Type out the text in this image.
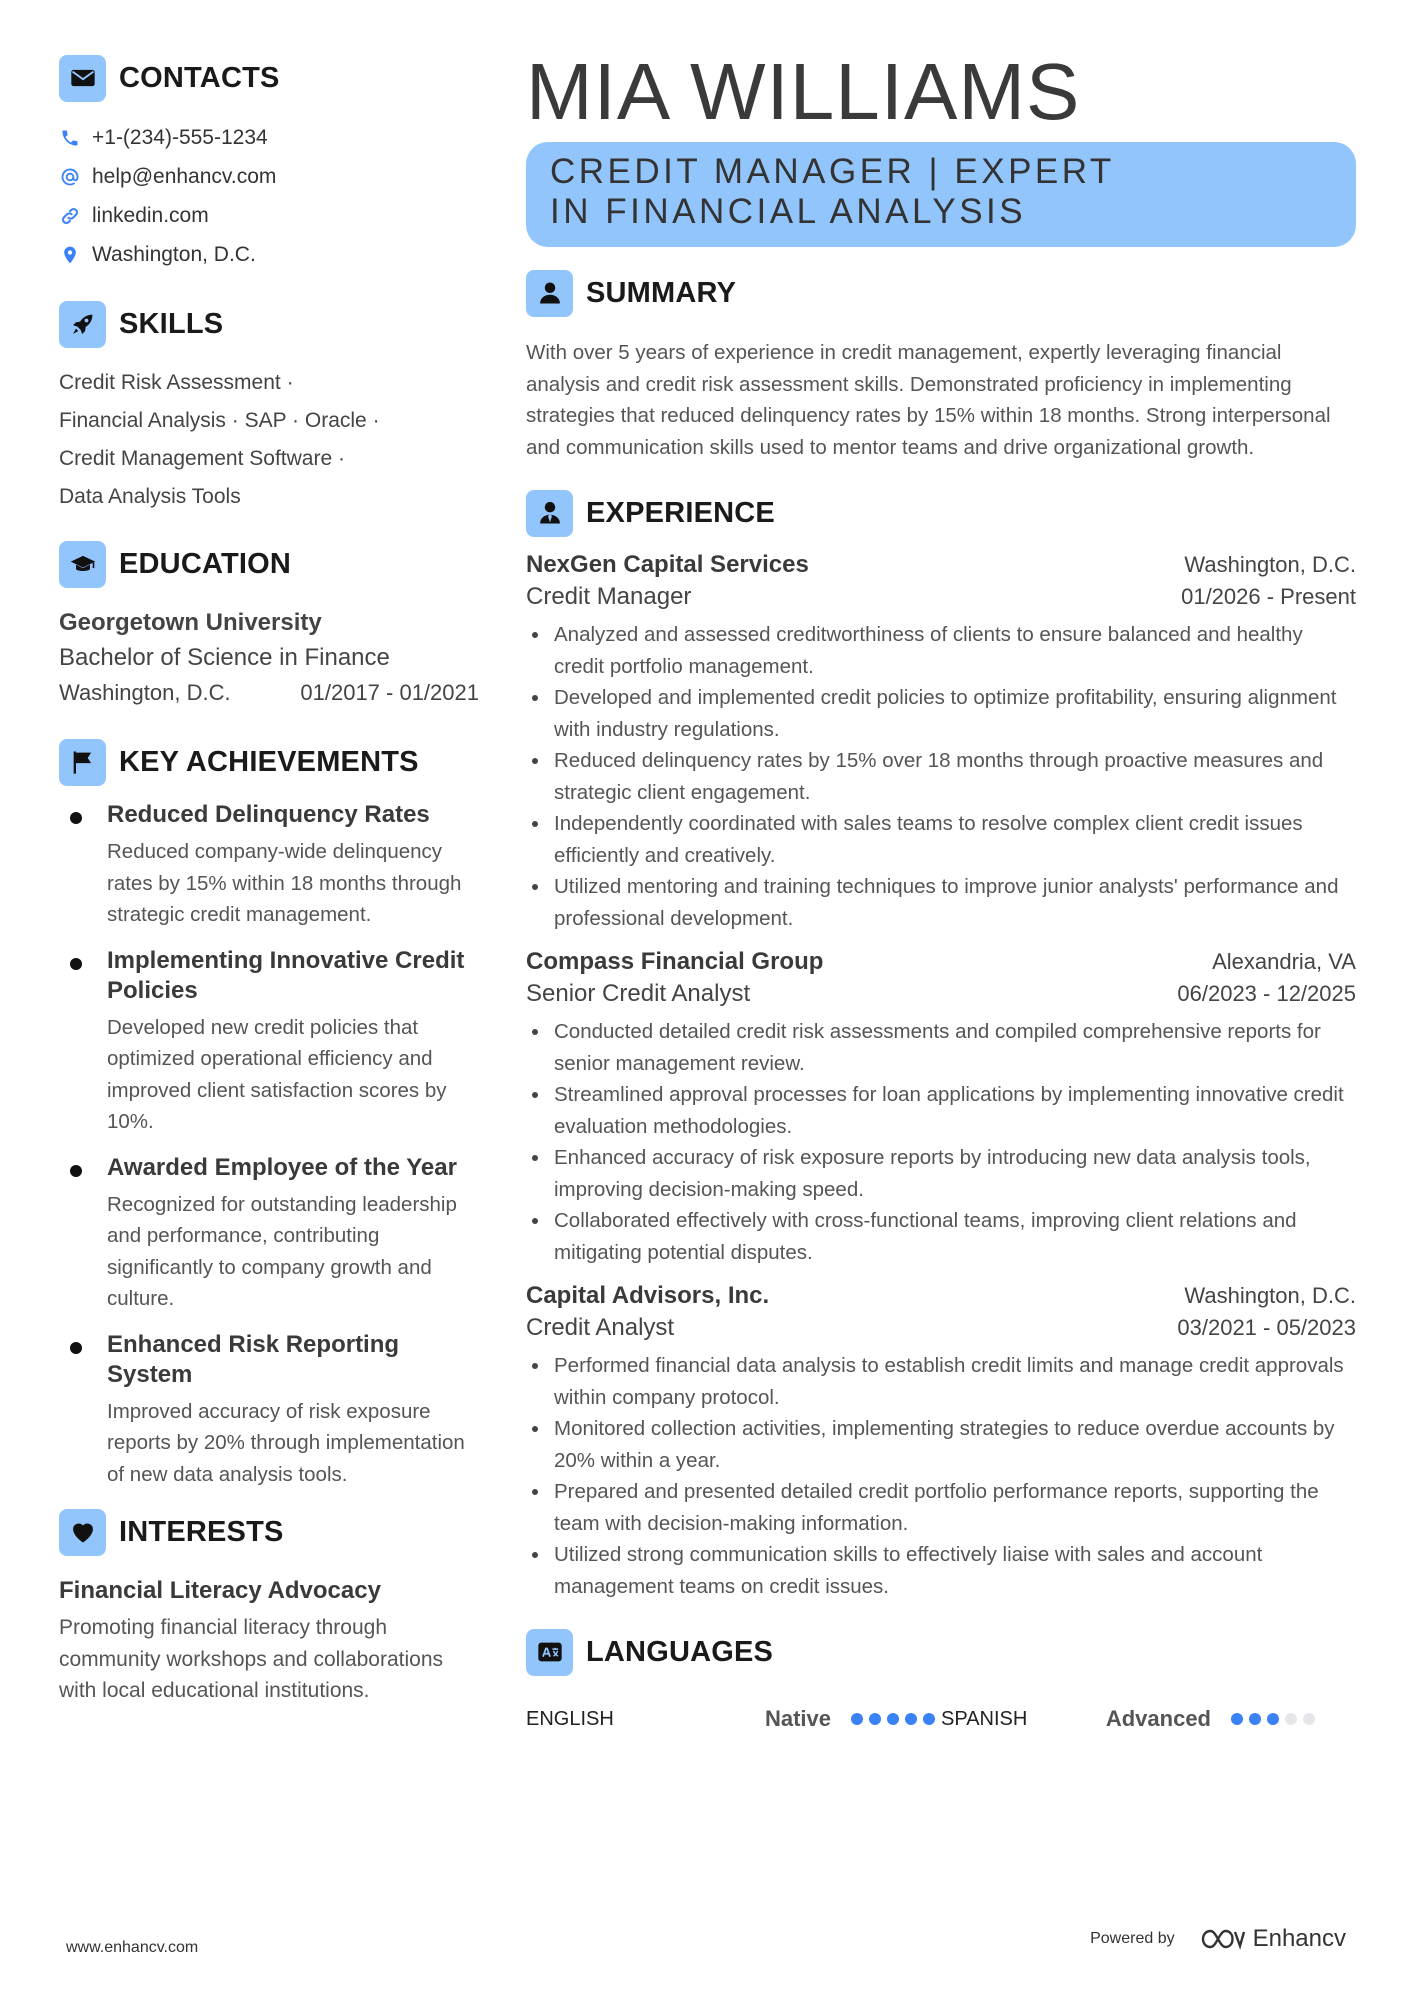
CONTACTS
+1-(234)-555-1234
help@enhancv.com
linkedin.com
Washington, D.C.
SKILLS
Credit Risk Assessment ·
Financial Analysis · SAP · Oracle ·
Credit Management Software ·
Data Analysis Tools
EDUCATION
Georgetown University
Bachelor of Science in Finance
Washington, D.C.	01/2017 - 01/2021
KEY ACHIEVEMENTS
Reduced Delinquency Rates
Reduced company-wide delinquency rates by 15% within 18 months through strategic credit management.
Implementing Innovative Credit Policies
Developed new credit policies that optimized operational efficiency and improved client satisfaction scores by 10%.
Awarded Employee of the Year
Recognized for outstanding leadership and performance, contributing significantly to company growth and culture.
Enhanced Risk Reporting System
Improved accuracy of risk exposure reports by 20% through implementation of new data analysis tools.
INTERESTS
Financial Literacy Advocacy
Promoting financial literacy through community workshops and collaborations with local educational institutions.
MIA WILLIAMS
CREDIT MANAGER | EXPERT IN FINANCIAL ANALYSIS
SUMMARY

With over 5 years of experience in credit management, expertly leveraging financial analysis and credit risk assessment skills. Demonstrated proficiency in implementing strategies that reduced delinquency rates by 15% within 18 months. Strong interpersonal and communication skills used to mentor teams and drive organizational growth.

EXPERIENCE
NexGen Capital Services	Washington, D.C.
Credit Manager	01/2026 - Present
Analyzed and assessed creditworthiness of clients to ensure balanced and healthy credit portfolio management.
Developed and implemented credit policies to optimize profitability, ensuring alignment with industry regulations.
Reduced delinquency rates by 15% over 18 months through proactive measures and strategic client engagement.
Independently coordinated with sales teams to resolve complex client credit issues efficiently and creatively.
Utilized mentoring and training techniques to improve junior analysts' performance and professional development.
Compass Financial Group	Alexandria, VA
Senior Credit Analyst	06/2023 - 12/2025
Conducted detailed credit risk assessments and compiled comprehensive reports for senior management review.
Streamlined approval processes for loan applications by implementing innovative credit evaluation methodologies.
Enhanced accuracy of risk exposure reports by introducing new data analysis tools, improving decision-making speed.
Collaborated effectively with cross-functional teams, improving client relations and mitigating potential disputes.
Capital Advisors, Inc.	Washington, D.C.
Credit Analyst	03/2021 - 05/2023
Performed financial data analysis to establish credit limits and manage credit approvals within company protocol.
Monitored collection activities, implementing strategies to reduce overdue accounts by 20% within a year.
Prepared and presented detailed credit portfolio performance reports, supporting the team with decision-making information.
Utilized strong communication skills to effectively liaise with sales and account management teams on credit issues.
LANGUAGES
ENGLISH	Native	SPANISH	Advanced
www.enhancv.com
Powered by	Enhancv
